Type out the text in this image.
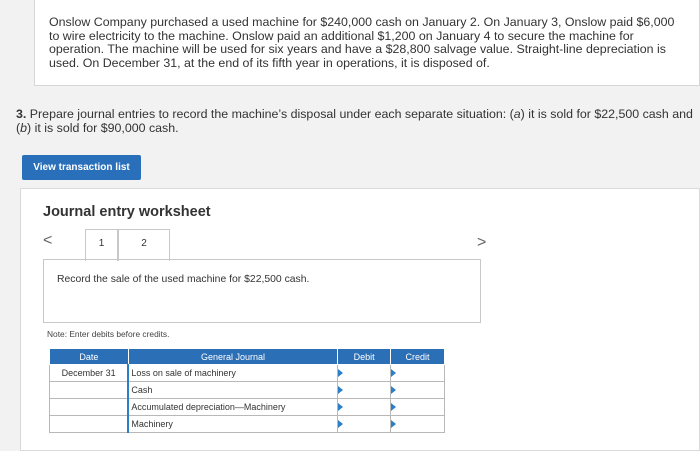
Onslow Company purchased a used machine for $240,000 cash on January 2. On January 3, Onslow paid $6,000 to wire electricity to the machine. Onslow paid an additional $1,200 on January 4 to secure the machine for operation. The machine will be used for six years and have a $28,800 salvage value. Straight-line depreciation is used. On December 31, at the end of its fifth year in operations, it is disposed of.

3. Prepare journal entries to record the machine’s disposal under each separate situation: (a) it is sold for $22,500 cash and (b) it is sold for $90,000 cash.

View transaction list
Journal entry worksheet
<	1	2	>
Record the sale of the used machine for $22,500 cash.
Note: Enter debits before credits.
Date	General Journal	Debit	Credit
December 31	Loss on sale of machinery	

	Cash	

	Accumulated depreciation—Machinery	

	Machinery	
